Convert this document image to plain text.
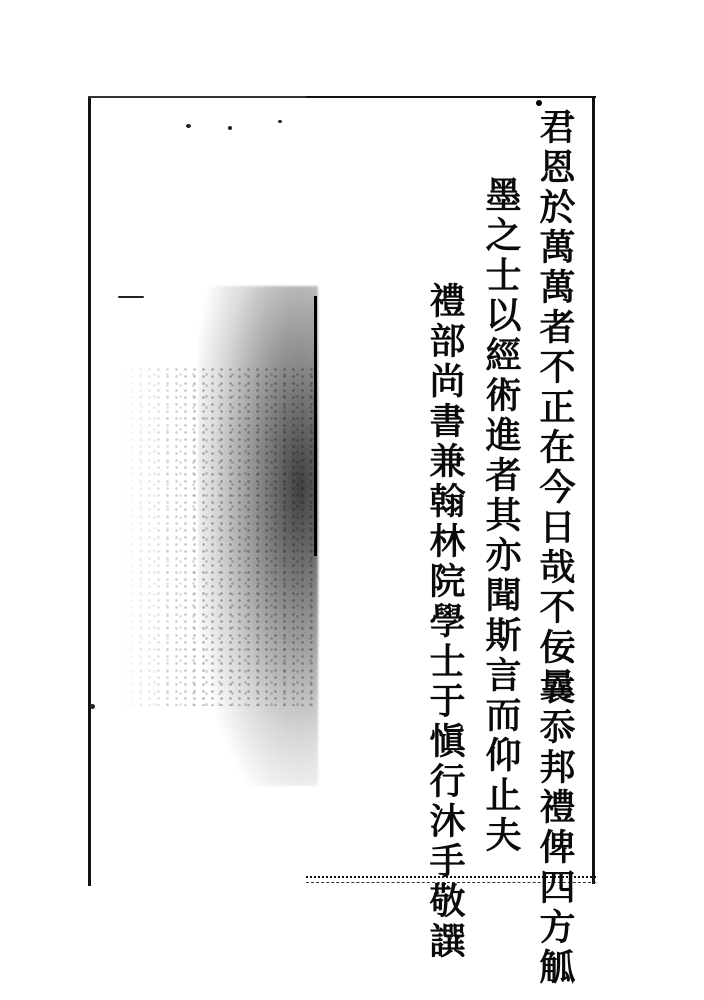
君恩於萬萬者不正在今日哉不佞曩忝邦禮俾四方觚
墨之士以經術進者其亦聞斯言而仰止夫
禮部尚書兼翰林院學士于愼行沐手敬譔
